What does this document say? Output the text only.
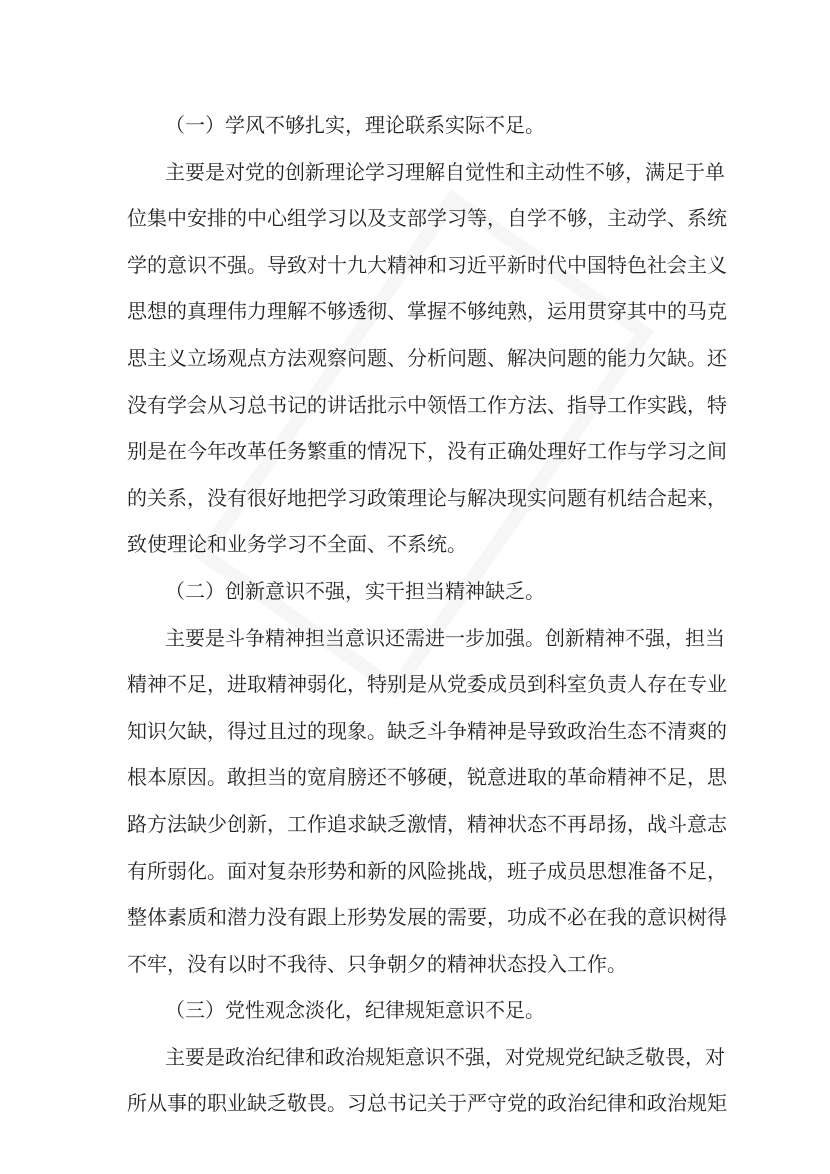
（一）学风不够扎实，理论联系实际不足。
主要是对党的创新理论学习理解自觉性和主动性不够，满足于单
位集中安排的中心组学习以及支部学习等，自学不够，主动学、系统
学的意识不强。导致对十九大精神和习近平新时代中国特色社会主义
思想的真理伟力理解不够透彻、掌握不够纯熟，运用贯穿其中的马克
思主义立场观点方法观察问题、分析问题、解决问题的能力欠缺。还
没有学会从习总书记的讲话批示中领悟工作方法、指导工作实践，特
别是在今年改革任务繁重的情况下，没有正确处理好工作与学习之间
的关系，没有很好地把学习政策理论与解决现实问题有机结合起来，
致使理论和业务学习不全面、不系统。
（二）创新意识不强，实干担当精神缺乏。
主要是斗争精神担当意识还需进一步加强。创新精神不强，担当
精神不足，进取精神弱化，特别是从党委成员到科室负责人存在专业
知识欠缺，得过且过的现象。缺乏斗争精神是导致政治生态不清爽的
根本原因。敢担当的宽肩膀还不够硬，锐意进取的革命精神不足，思
路方法缺少创新，工作追求缺乏激情，精神状态不再昂扬，战斗意志
有所弱化。面对复杂形势和新的风险挑战，班子成员思想准备不足，
整体素质和潜力没有跟上形势发展的需要，功成不必在我的意识树得
不牢，没有以时不我待、只争朝夕的精神状态投入工作。
（三）党性观念淡化，纪律规矩意识不足。
主要是政治纪律和政治规矩意识不强，对党规党纪缺乏敬畏，对
所从事的职业缺乏敬畏。习总书记关于严守党的政治纪律和政治规矩
